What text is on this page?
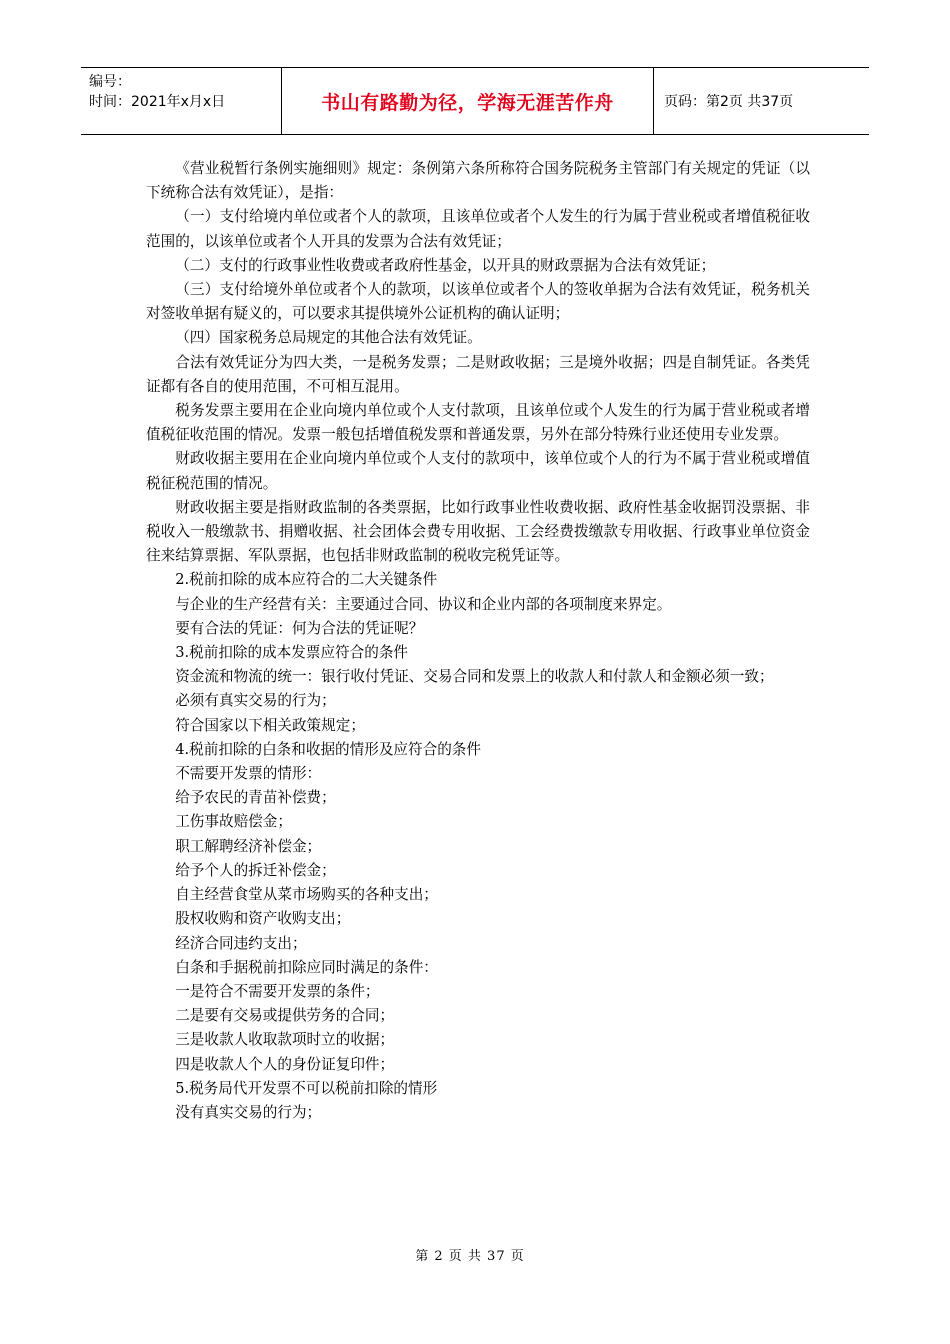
编号：
时间：2021年x月x日	书山有路勤为径，学海无涯苦作舟	页码：第2页 共37页

《营业税暂行条例实施细则》规定：条例第六条所称符合国务院税务主管部门有关规定的凭证（以下统称合法有效凭证），是指：

（一）支付给境内单位或者个人的款项，且该单位或者个人发生的行为属于营业税或者增值税征收范围的，以该单位或者个人开具的发票为合法有效凭证；

（二）支付的行政事业性收费或者政府性基金，以开具的财政票据为合法有效凭证；

（三）支付给境外单位或者个人的款项，以该单位或者个人的签收单据为合法有效凭证，税务机关对签收单据有疑义的，可以要求其提供境外公证机构的确认证明；

（四）国家税务总局规定的其他合法有效凭证。

合法有效凭证分为四大类，一是税务发票；二是财政收据；三是境外收据；四是自制凭证。各类凭证都有各自的使用范围，不可相互混用。

税务发票主要用在企业向境内单位或个人支付款项，且该单位或个人发生的行为属于营业税或者增值税征收范围的情况。发票一般包括增值税发票和普通发票，另外在部分特殊行业还使用专业发票。

财政收据主要用在企业向境内单位或个人支付的款项中，该单位或个人的行为不属于营业税或增值税征税范围的情况。

财政收据主要是指财政监制的各类票据，比如行政事业性收费收据、政府性基金收据罚没票据、非税收入一般缴款书、捐赠收据、社会团体会费专用收据、工会经费拨缴款专用收据、行政事业单位资金往来结算票据、军队票据，也包括非财政监制的税收完税凭证等。

2.税前扣除的成本应符合的二大关键条件

与企业的生产经营有关：主要通过合同、协议和企业内部的各项制度来界定。

要有合法的凭证：何为合法的凭证呢？

3.税前扣除的成本发票应符合的条件

资金流和物流的统一：银行收付凭证、交易合同和发票上的收款人和付款人和金额必须一致；

必须有真实交易的行为；

符合国家以下相关政策规定；

4.税前扣除的白条和收据的情形及应符合的条件

不需要开发票的情形：

给予农民的青苗补偿费；

工伤事故赔偿金；

职工解聘经济补偿金；

给予个人的拆迁补偿金；

自主经营食堂从菜市场购买的各种支出；

股权收购和资产收购支出；

经济合同违约支出；

白条和手据税前扣除应同时满足的条件：

一是符合不需要开发票的条件；

二是要有交易或提供劳务的合同；

三是收款人收取款项时立的收据；

四是收款人个人的身份证复印件；

5.税务局代开发票不可以税前扣除的情形

没有真实交易的行为；

第 2 页 共 37 页
